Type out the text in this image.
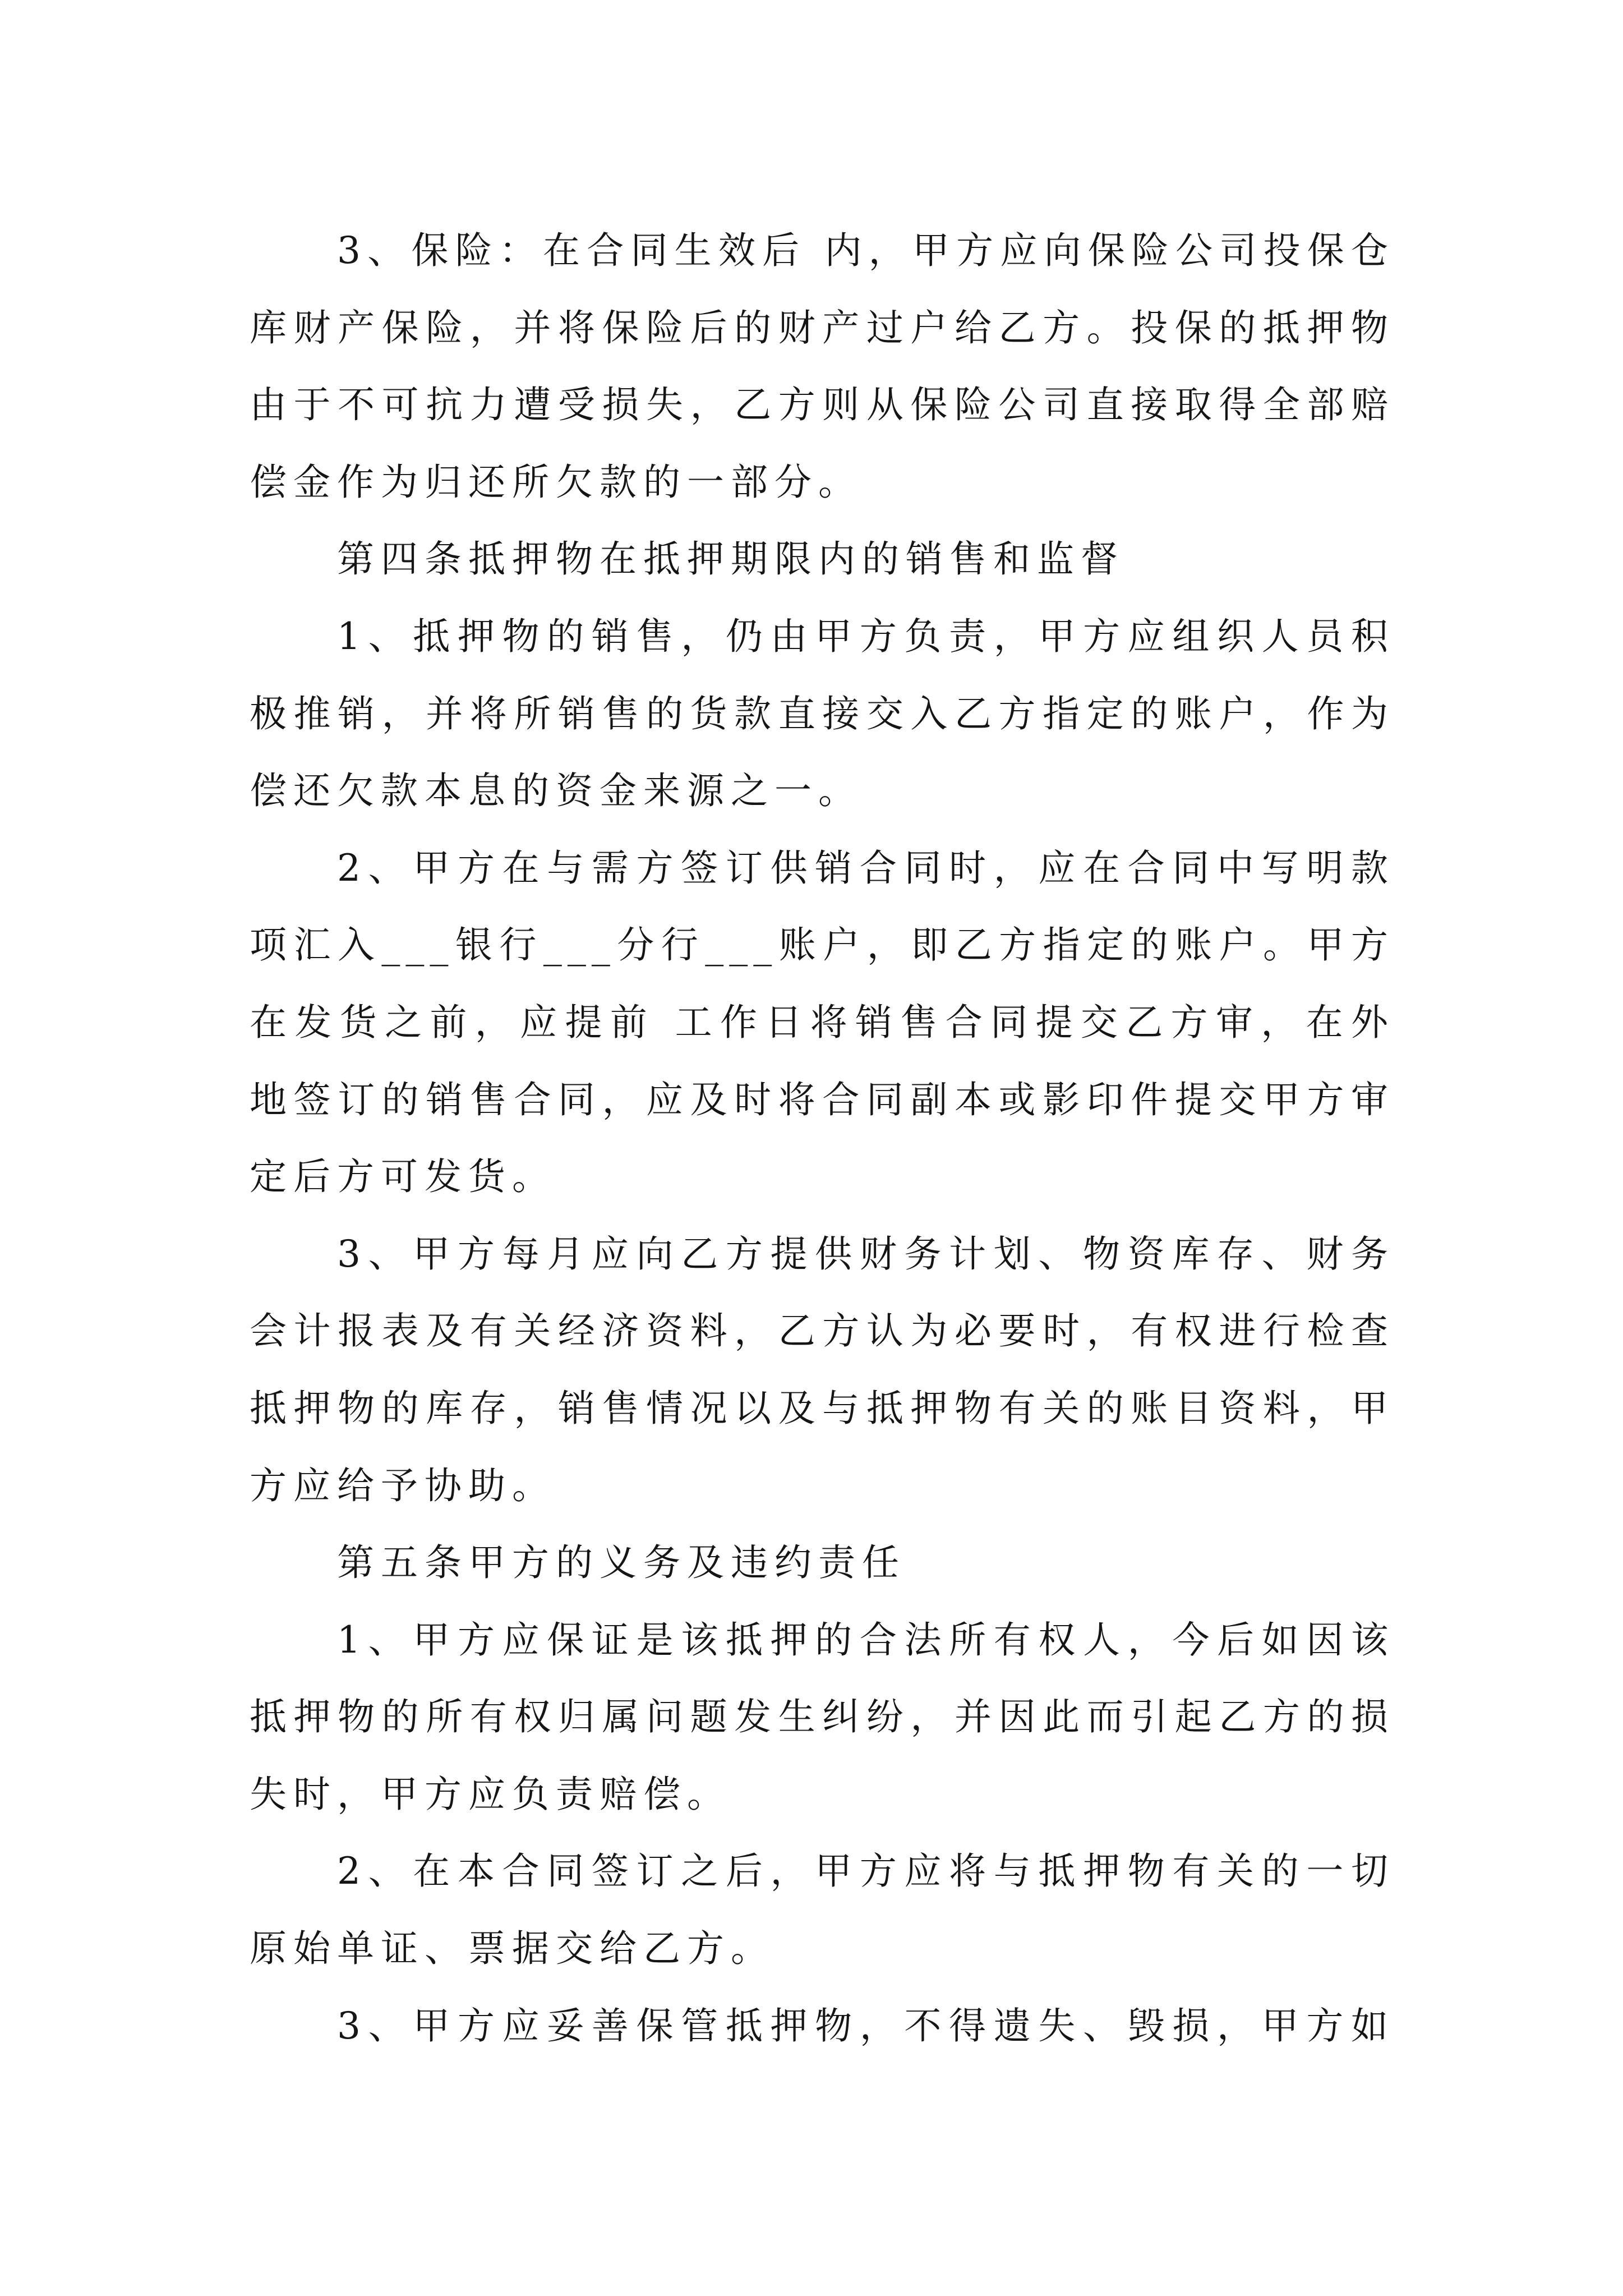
3、保险：在合同生效后 内，甲方应向保险公司投保仓
库财产保险，并将保险后的财产过户给乙方。投保的抵押物
由于不可抗力遭受损失，乙方则从保险公司直接取得全部赔
偿金作为归还所欠款的一部分。
第四条抵押物在抵押期限内的销售和监督
1、抵押物的销售，仍由甲方负责，甲方应组织人员积
极推销，并将所销售的货款直接交入乙方指定的账户，作为
偿还欠款本息的资金来源之一。
2、甲方在与需方签订供销合同时，应在合同中写明款
项汇入___银行___分行___账户，即乙方指定的账户。甲方
在发货之前，应提前 工作日将销售合同提交乙方审，在外
地签订的销售合同，应及时将合同副本或影印件提交甲方审
定后方可发货。
3、甲方每月应向乙方提供财务计划、物资库存、财务
会计报表及有关经济资料，乙方认为必要时，有权进行检查
抵押物的库存，销售情况以及与抵押物有关的账目资料，甲
方应给予协助。
第五条甲方的义务及违约责任
1、甲方应保证是该抵押的合法所有权人，今后如因该
抵押物的所有权归属问题发生纠纷，并因此而引起乙方的损
失时，甲方应负责赔偿。
2、在本合同签订之后，甲方应将与抵押物有关的一切
原始单证、票据交给乙方。
3、甲方应妥善保管抵押物，不得遗失、毁损，甲方如
